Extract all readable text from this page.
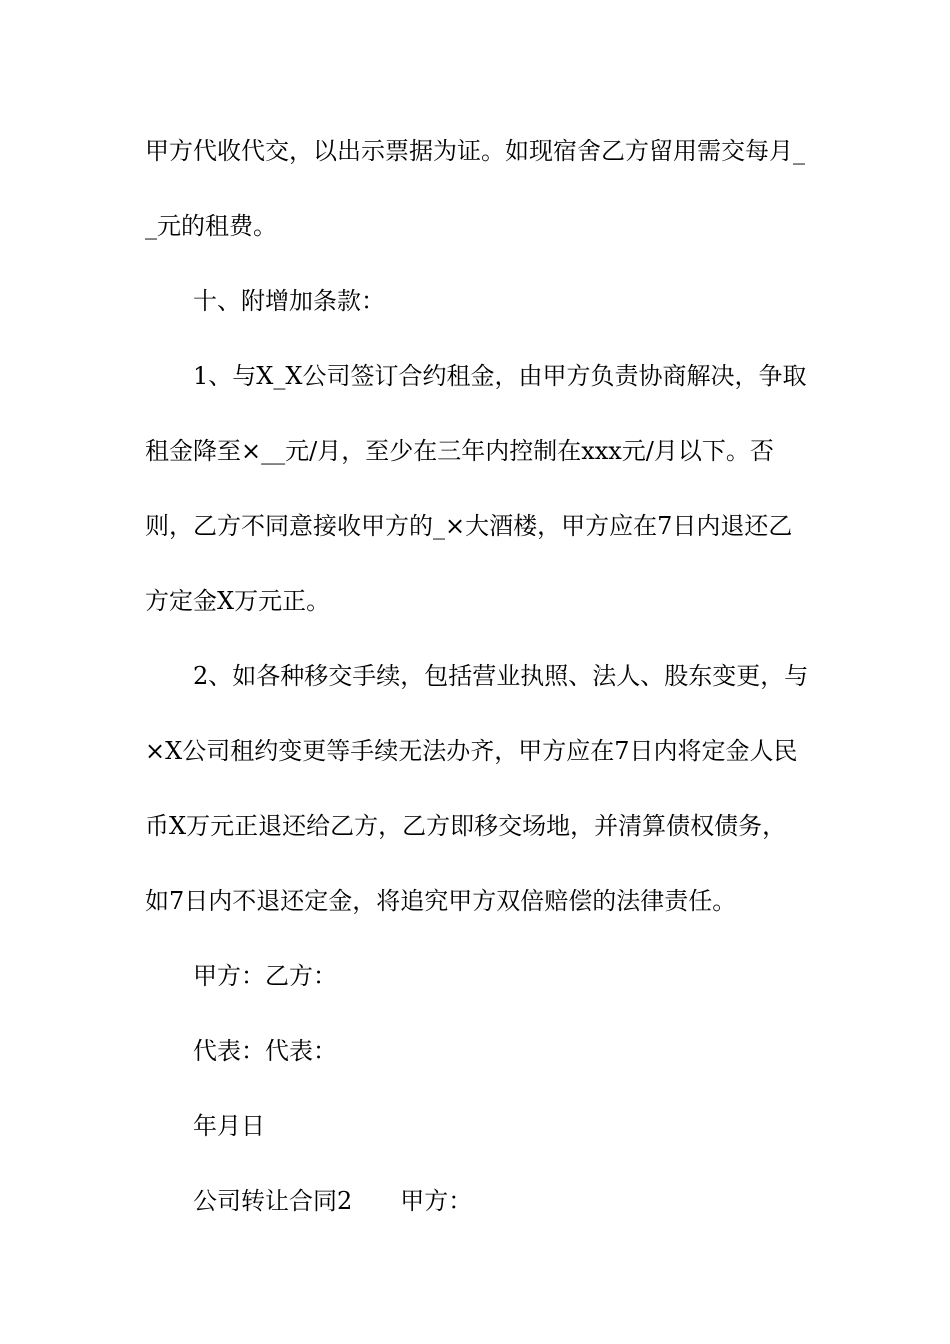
甲方代收代交，以出示票据为证。如现宿舍乙方留用需交每月_
_元的租费。
十、附增加条款：
1、与X_X公司签订合约租金，由甲方负责协商解决，争取
租金降至×__元/月，至少在三年内控制在xxx元/月以下。否
则，乙方不同意接收甲方的_×大酒楼，甲方应在7日内退还乙
方定金X万元正。
2、如各种移交手续，包括营业执照、法人、股东变更，与
×X公司租约变更等手续无法办齐，甲方应在7日内将定金人民
币X万元正退还给乙方，乙方即移交场地，并清算债权债务，
如7日内不退还定金，将追究甲方双倍赔偿的法律责任。
甲方：乙方：
代表：代表：
年月日
公司转让合同2 甲方：
